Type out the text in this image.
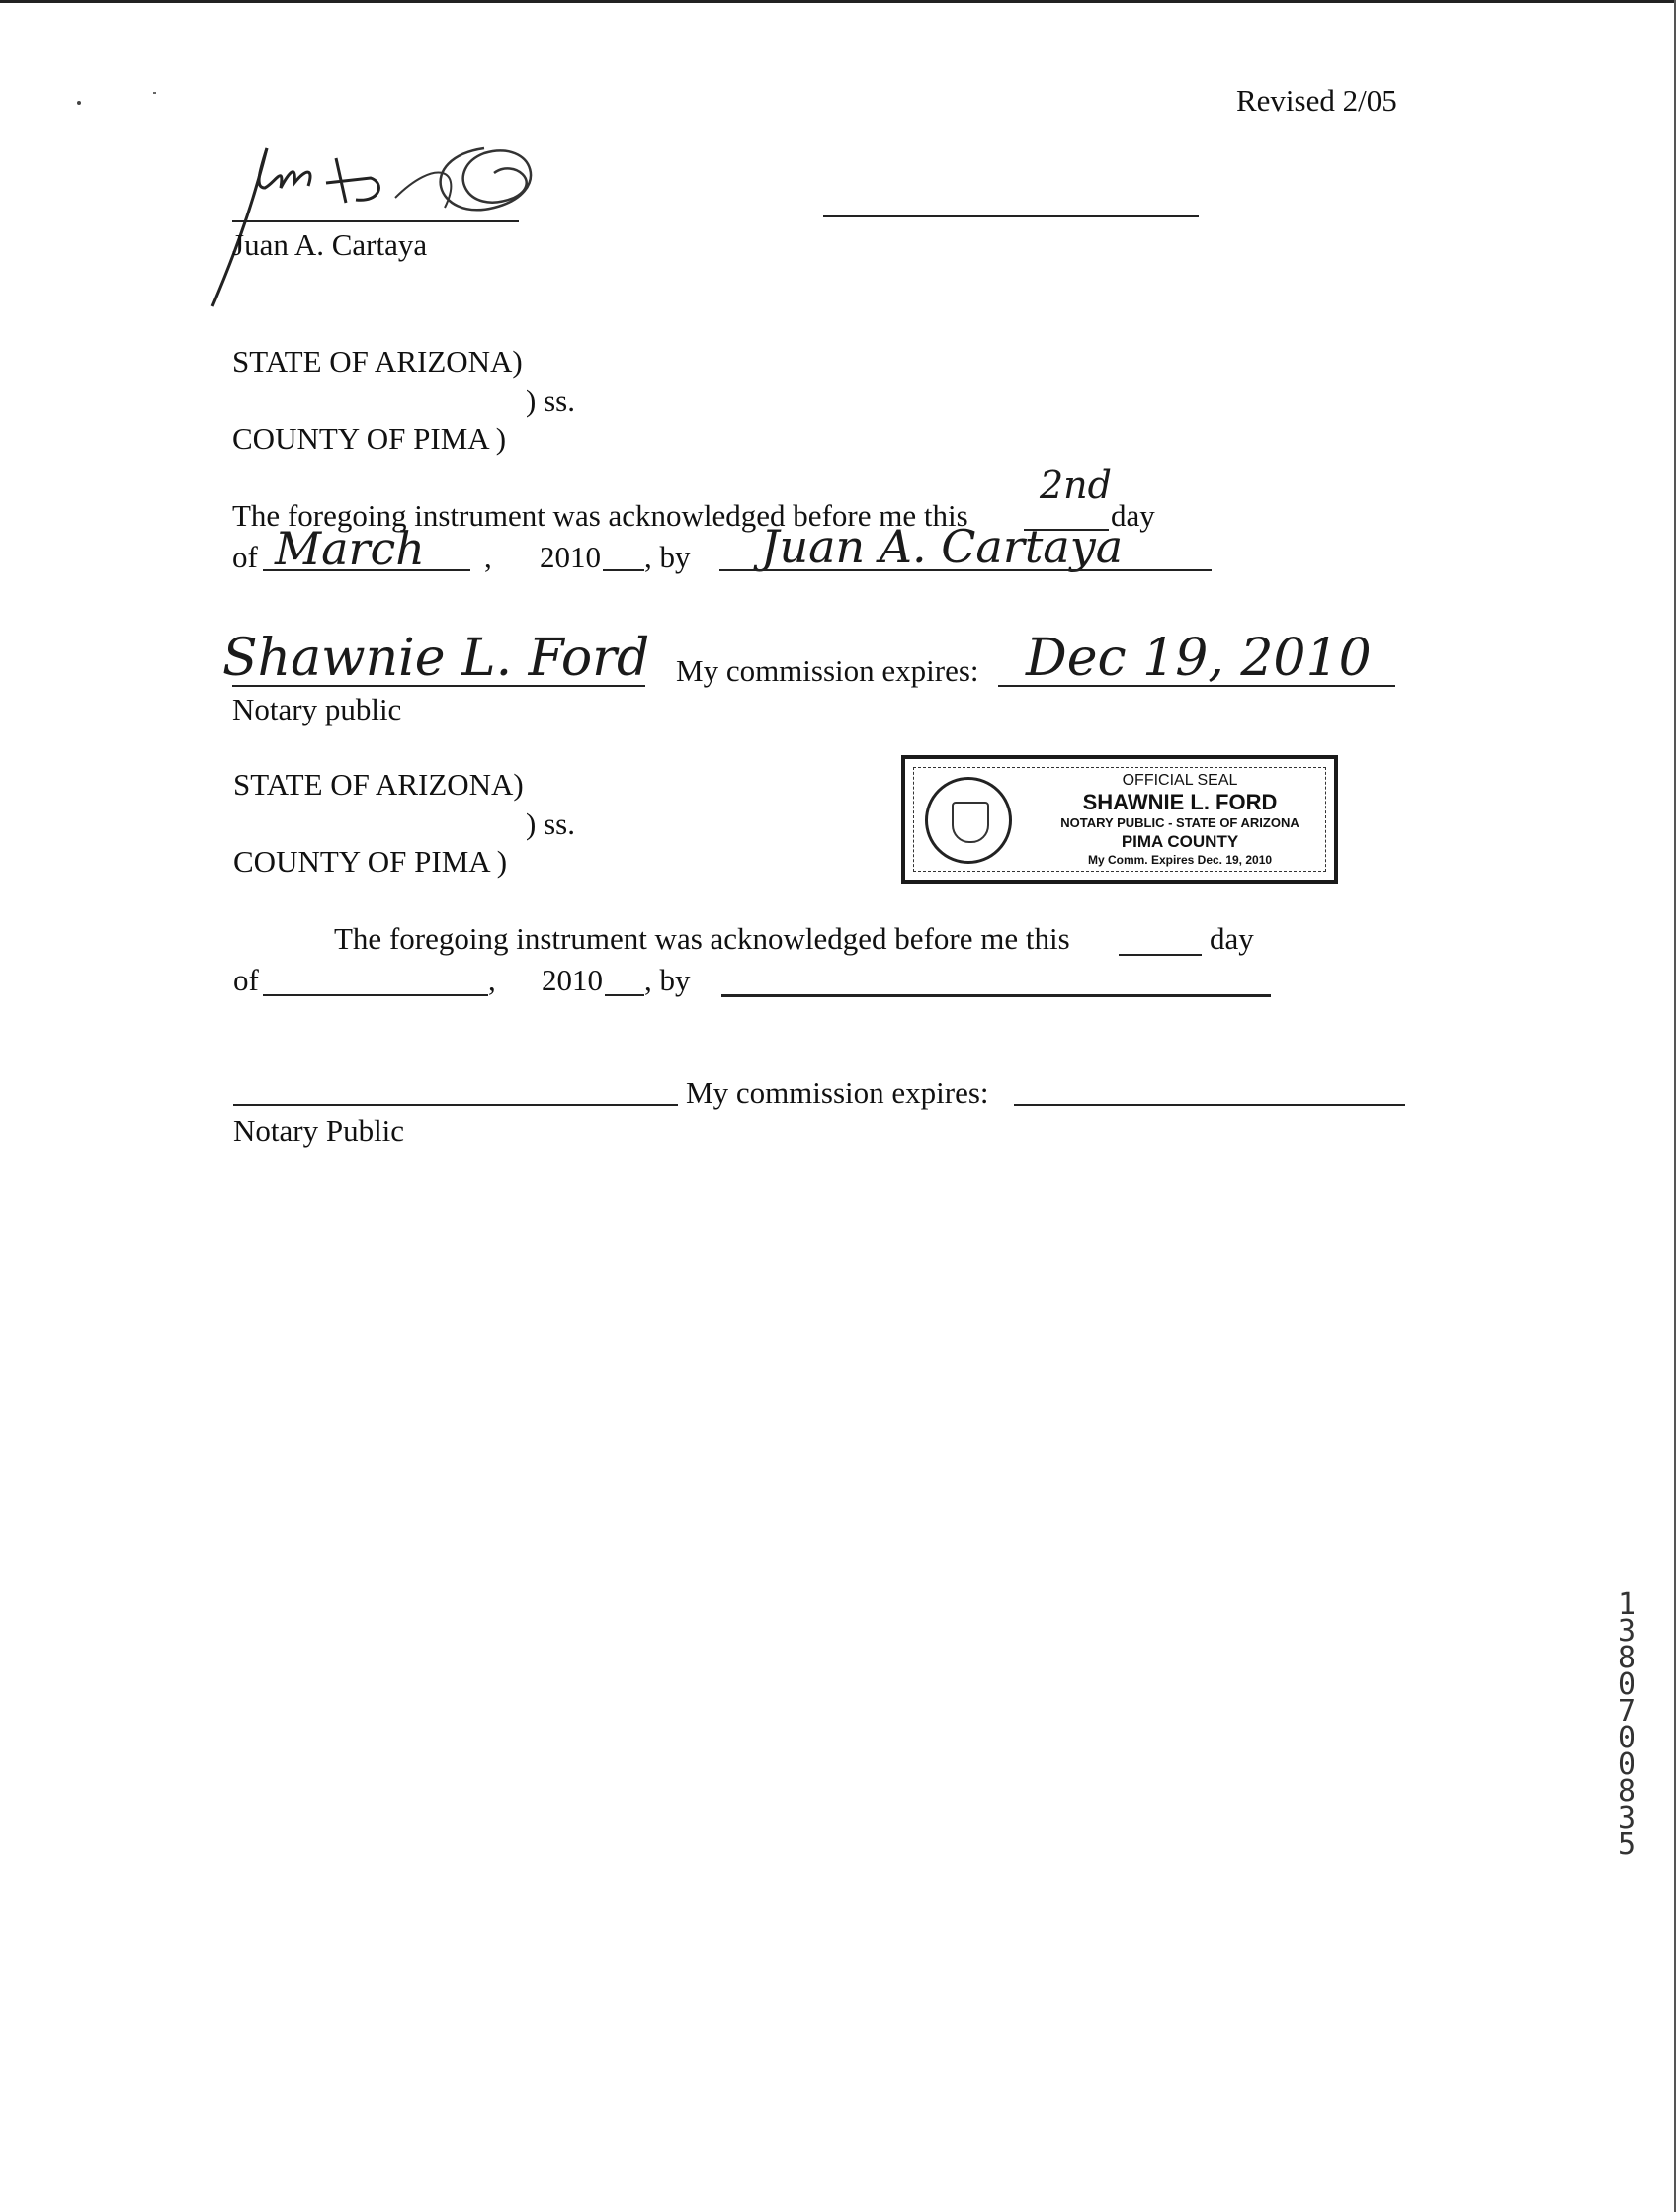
Revised 2/05
Juan A. Cartaya
STATE OF ARIZONA)
) ss.
COUNTY OF PIMA )
The foregoing instrument was acknowledged before me this
2nd
day
of March , 2010 , by Juan A. Cartaya
Shawnie L. Ford My commission expires: Dec 19, 2010
Notary public
OFFICIAL SEAL
SHAWNIE L. FORD
NOTARY PUBLIC - STATE OF ARIZONA
PIMA COUNTY
My Comm. Expires Dec. 19, 2010
STATE OF ARIZONA)
) ss.
COUNTY OF PIMA )
The foregoing instrument was acknowledged before me this	day
of	, 2010 , by
My commission expires:
Notary Public
1
3
8
0
7
0
0
8
3
5
